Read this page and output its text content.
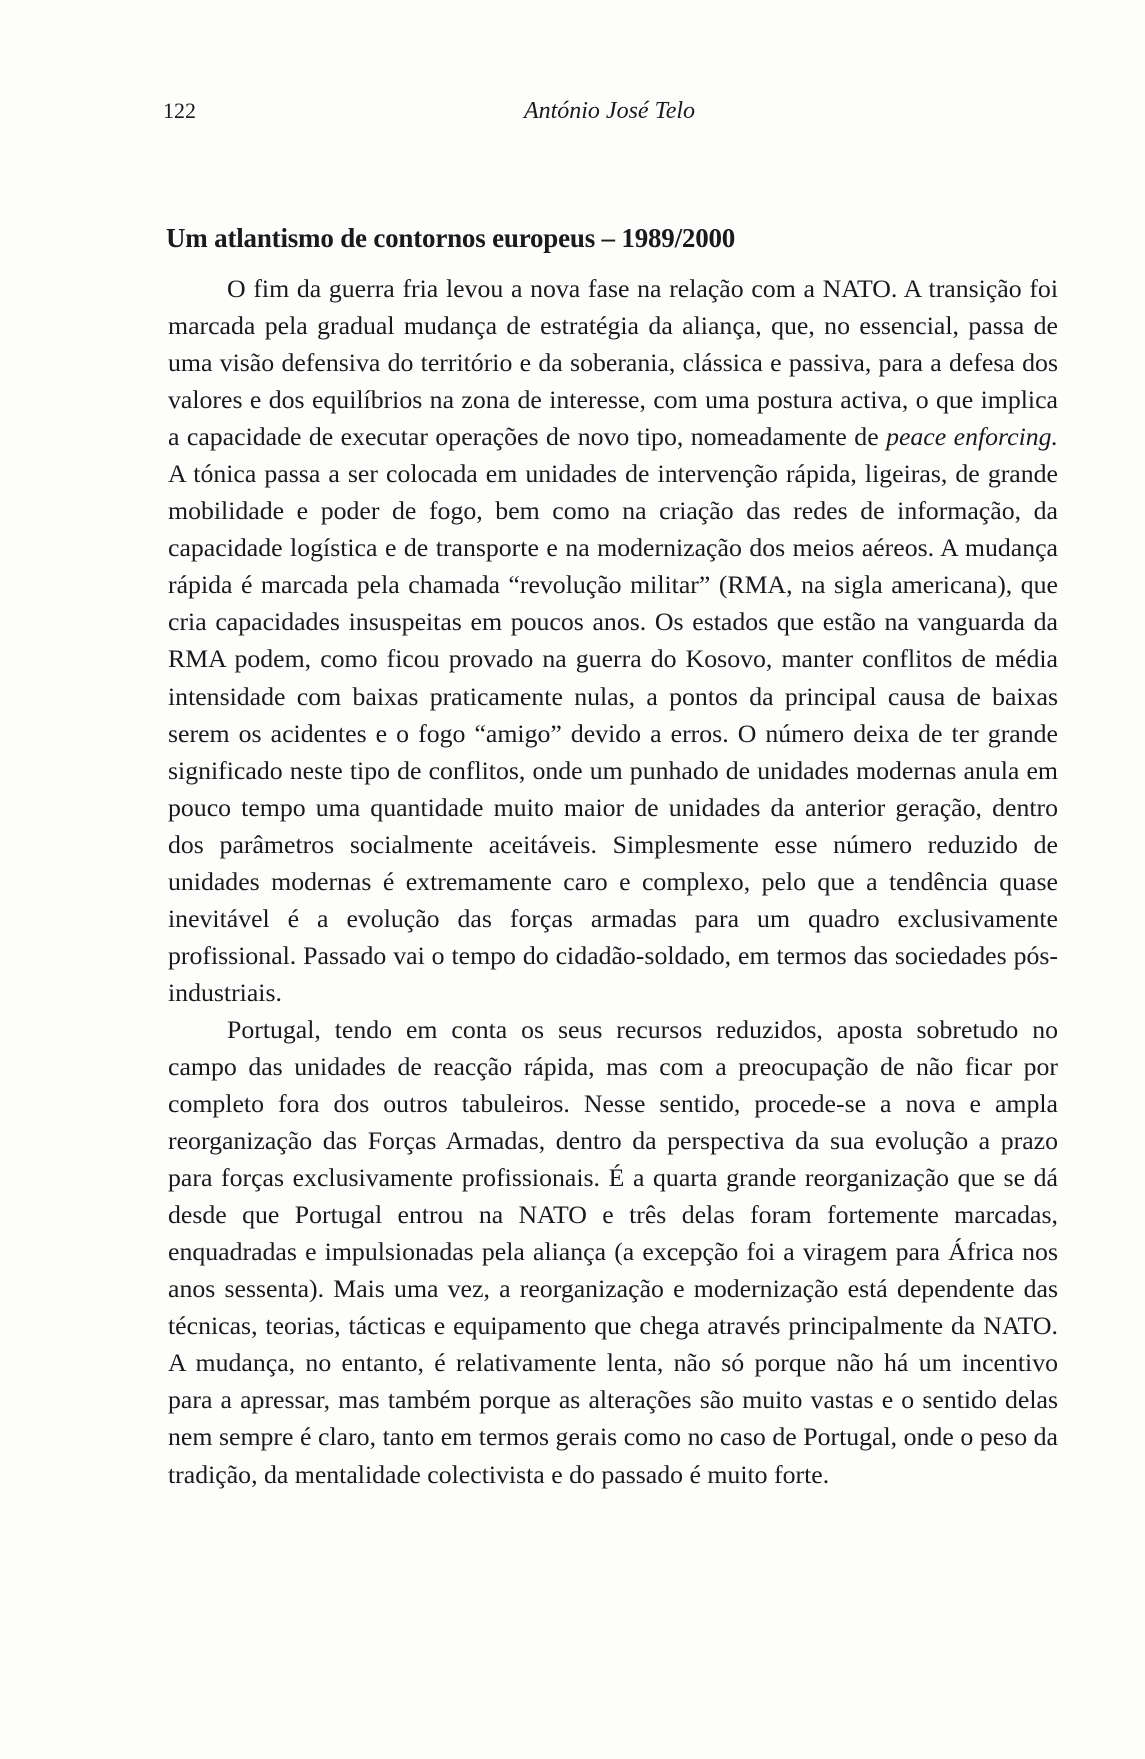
122	António José Telo
Um atlantismo de contornos europeus – 1989/2000

O fim da guerra fria levou a nova fase na relação com a NATO. A transição foi marcada pela gradual mudança de estratégia da aliança, que, no essencial, passa de uma visão defensiva do território e da soberania, clássica e passiva, para a defesa dos valores e dos equilíbrios na zona de interesse, com uma postura activa, o que implica a capacidade de executar operações de novo tipo, nomeadamente de peace enforcing. A tónica passa a ser colocada em unidades de intervenção rápida, ligeiras, de grande mobilidade e poder de fogo, bem como na criação das redes de informação, da capacidade logística e de transporte e na modernização dos meios aéreos. A mudança rápida é marcada pela chamada “revolução militar” (RMA, na sigla americana), que cria capacidades insuspeitas em poucos anos. Os estados que estão na vanguarda da RMA podem, como ficou provado na guerra do Kosovo, manter conflitos de média intensidade com baixas praticamente nulas, a pontos da principal causa de baixas serem os acidentes e o fogo “amigo” devido a erros. O número deixa de ter grande significado neste tipo de conflitos, onde um punhado de unidades modernas anula em pouco tempo uma quantidade muito maior de unidades da anterior geração, dentro dos parâmetros socialmente aceitáveis. Simplesmente esse número reduzido de unidades modernas é extremamente caro e complexo, pelo que a tendência quase inevitável é a evolução das forças armadas para um quadro exclusivamente profissional. Passado vai o tempo do cidadão-soldado, em termos das sociedades pós-industriais.

Portugal, tendo em conta os seus recursos reduzidos, aposta sobretudo no campo das unidades de reacção rápida, mas com a preocupação de não ficar por completo fora dos outros tabuleiros. Nesse sentido, procede-se a nova e ampla reorganização das Forças Armadas, dentro da perspectiva da sua evolução a prazo para forças exclusivamente profissionais. É a quarta grande reorganização que se dá desde que Portugal entrou na NATO e três delas foram fortemente marcadas, enquadradas e impulsionadas pela aliança (a excepção foi a viragem para África nos anos sessenta). Mais uma vez, a reorganização e modernização está dependente das técnicas, teorias, tácticas e equipamento que chega através principalmente da NATO. A mudança, no entanto, é relativamente lenta, não só porque não há um incentivo para a apressar, mas também porque as alterações são muito vastas e o sentido delas nem sempre é claro, tanto em termos gerais como no caso de Portugal, onde o peso da tradição, da mentalidade colectivista e do passado é muito forte.
